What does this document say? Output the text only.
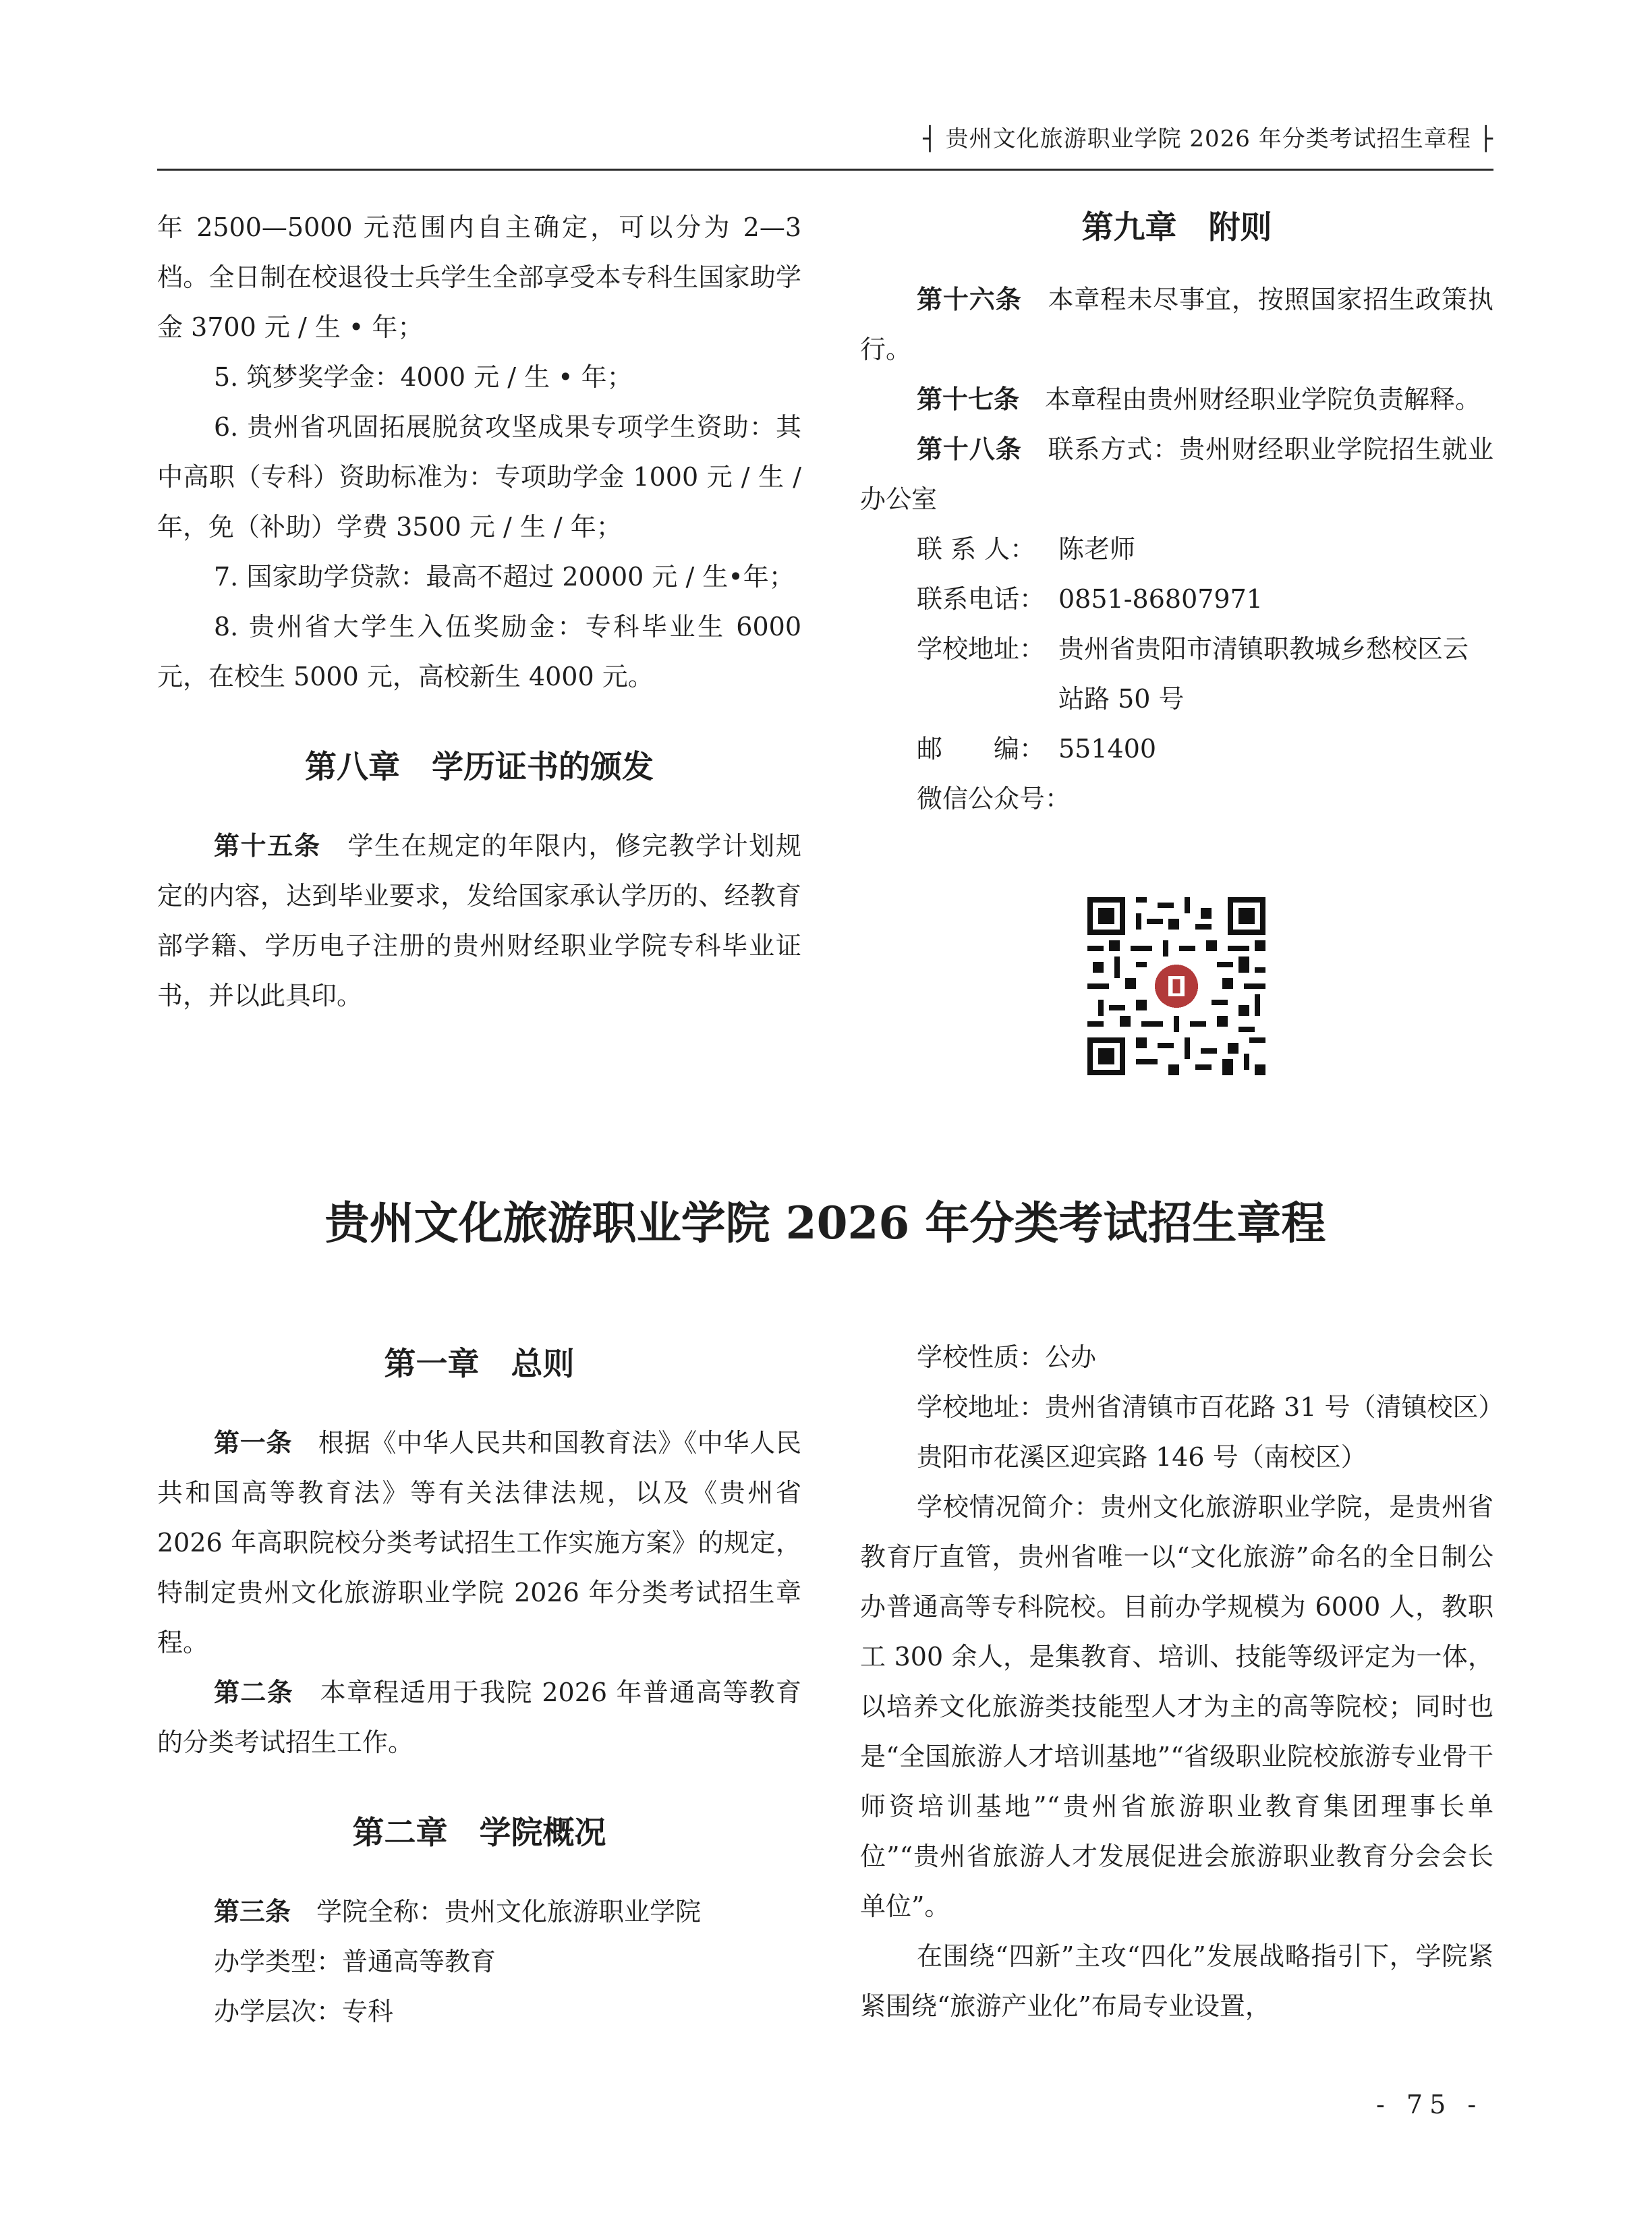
┤ 贵州文化旅游职业学院 2026 年分类考试招生章程 ├

年 2500—5000 元范围内自主确定，可以分为 2—3 档。全日制在校退役士兵学生全部享受本专科生国家助学金 3700 元 / 生 • 年；

5. 筑梦奖学金：4000 元 / 生 • 年；

6. 贵州省巩固拓展脱贫攻坚成果专项学生资助：其中高职（专科）资助标准为：专项助学金 1000 元 / 生 / 年，免（补助）学费 3500 元 / 生 / 年；

7. 国家助学贷款：最高不超过 20000 元 / 生•年；

8. 贵州省大学生入伍奖励金：专科毕业生 6000 元，在校生 5000 元，高校新生 4000 元。

第八章　学历证书的颁发

第十五条　 学生在规定的年限内，修完教学计划规定的内容，达到毕业要求，发给国家承认学历的、经教育部学籍、学历电子注册的贵州财经职业学院专科毕业证书，并以此具印。

第九章　附则

第十六条　 本章程未尽事宜，按照国家招生政策执行。

第十七条　 本章程由贵州财经职业学院负责解释。

第十八条　 联系方式：贵州财经职业学院招生就业办公室

联 系 人： 陈老师
联系电话： 0851-86807971
学校地址： 贵州省贵阳市清镇职教城乡愁校区云站路 50 号
邮　　编： 551400
微信公众号：
贵州文化旅游职业学院 2026 年分类考试招生章程
第一章　总则

第一条　 根据《中华人民共和国教育法》《中华人民共和国高等教育法》等有关法律法规，以及《贵州省 2026 年高职院校分类考试招生工作实施方案》的规定，特制定贵州文化旅游职业学院 2026 年分类考试招生章程。

第二条　 本章程适用于我院 2026 年普通高等教育的分类考试招生工作。

第二章　学院概况

第三条　 学院全称：贵州文化旅游职业学院

办学类型：普通高等教育

办学层次：专科

学校性质：公办

学校地址：贵州省清镇市百花路 31 号（清镇校区）

贵阳市花溪区迎宾路 146 号（南校区）

学校情况简介：贵州文化旅游职业学院，是贵州省教育厅直管，贵州省唯一以“文化旅游”命名的全日制公办普通高等专科院校。目前办学规模为 6000 人，教职工 300 余人，是集教育、培训、技能等级评定为一体，以培养文化旅游类技能型人才为主的高等院校；同时也是“全国旅游人才培训基地”“省级职业院校旅游专业骨干师资培训基地”“贵州省旅游职业教育集团理事长单位”“贵州省旅游人才发展促进会旅游职业教育分会会长单位”。

在围绕“四新”主攻“四化”发展战略指引下，学院紧紧围绕“旅游产业化”布局专业设置，

- 75 -
